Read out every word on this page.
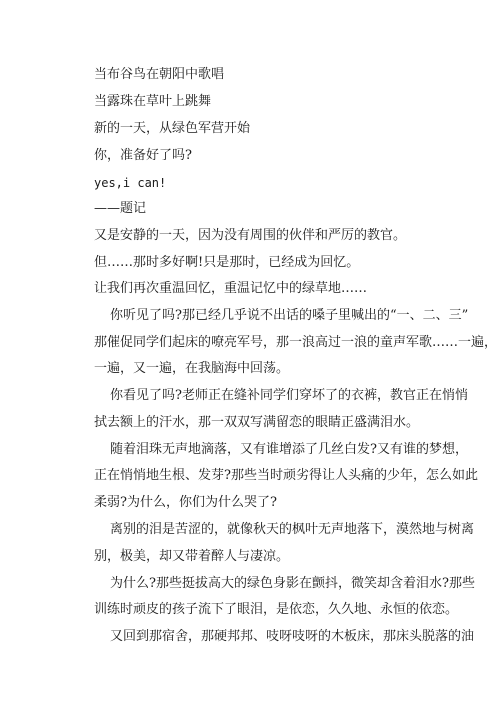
当布谷鸟在朝阳中歌唱
当露珠在草叶上跳舞
新的一天，从绿色军营开始
你，准备好了吗?
yes,i can!
——题记
又是安静的一天，因为没有周围的伙伴和严厉的教官。
但……那时多好啊!只是那时，已经成为回忆。
让我们再次重温回忆，重温记忆中的绿草地……
你听见了吗?那已经几乎说不出话的嗓子里喊出的“一、二、三”
那催促同学们起床的嘹亮军号，那一浪高过一浪的童声军歌……一遍，
一遍，又一遍，在我脑海中回荡。
你看见了吗?老师正在缝补同学们穿坏了的衣裤，教官正在悄悄
拭去额上的汗水，那一双双写满留恋的眼睛正盛满泪水。
随着泪珠无声地滴落，又有谁增添了几丝白发?又有谁的梦想，
正在悄悄地生根、发芽?那些当时顽劣得让人头痛的少年，怎么如此
柔弱?为什么，你们为什么哭了?
离别的泪是苦涩的，就像秋天的枫叶无声地落下，漠然地与树离
别，极美，却又带着醉人与凄凉。
为什么?那些挺拔高大的绿色身影在颤抖，微笑却含着泪水?那些
训练时顽皮的孩子流下了眼泪，是依恋，久久地、永恒的依恋。
又回到那宿舍，那硬邦邦、吱呀吱呀的木板床，那床头脱落的油
